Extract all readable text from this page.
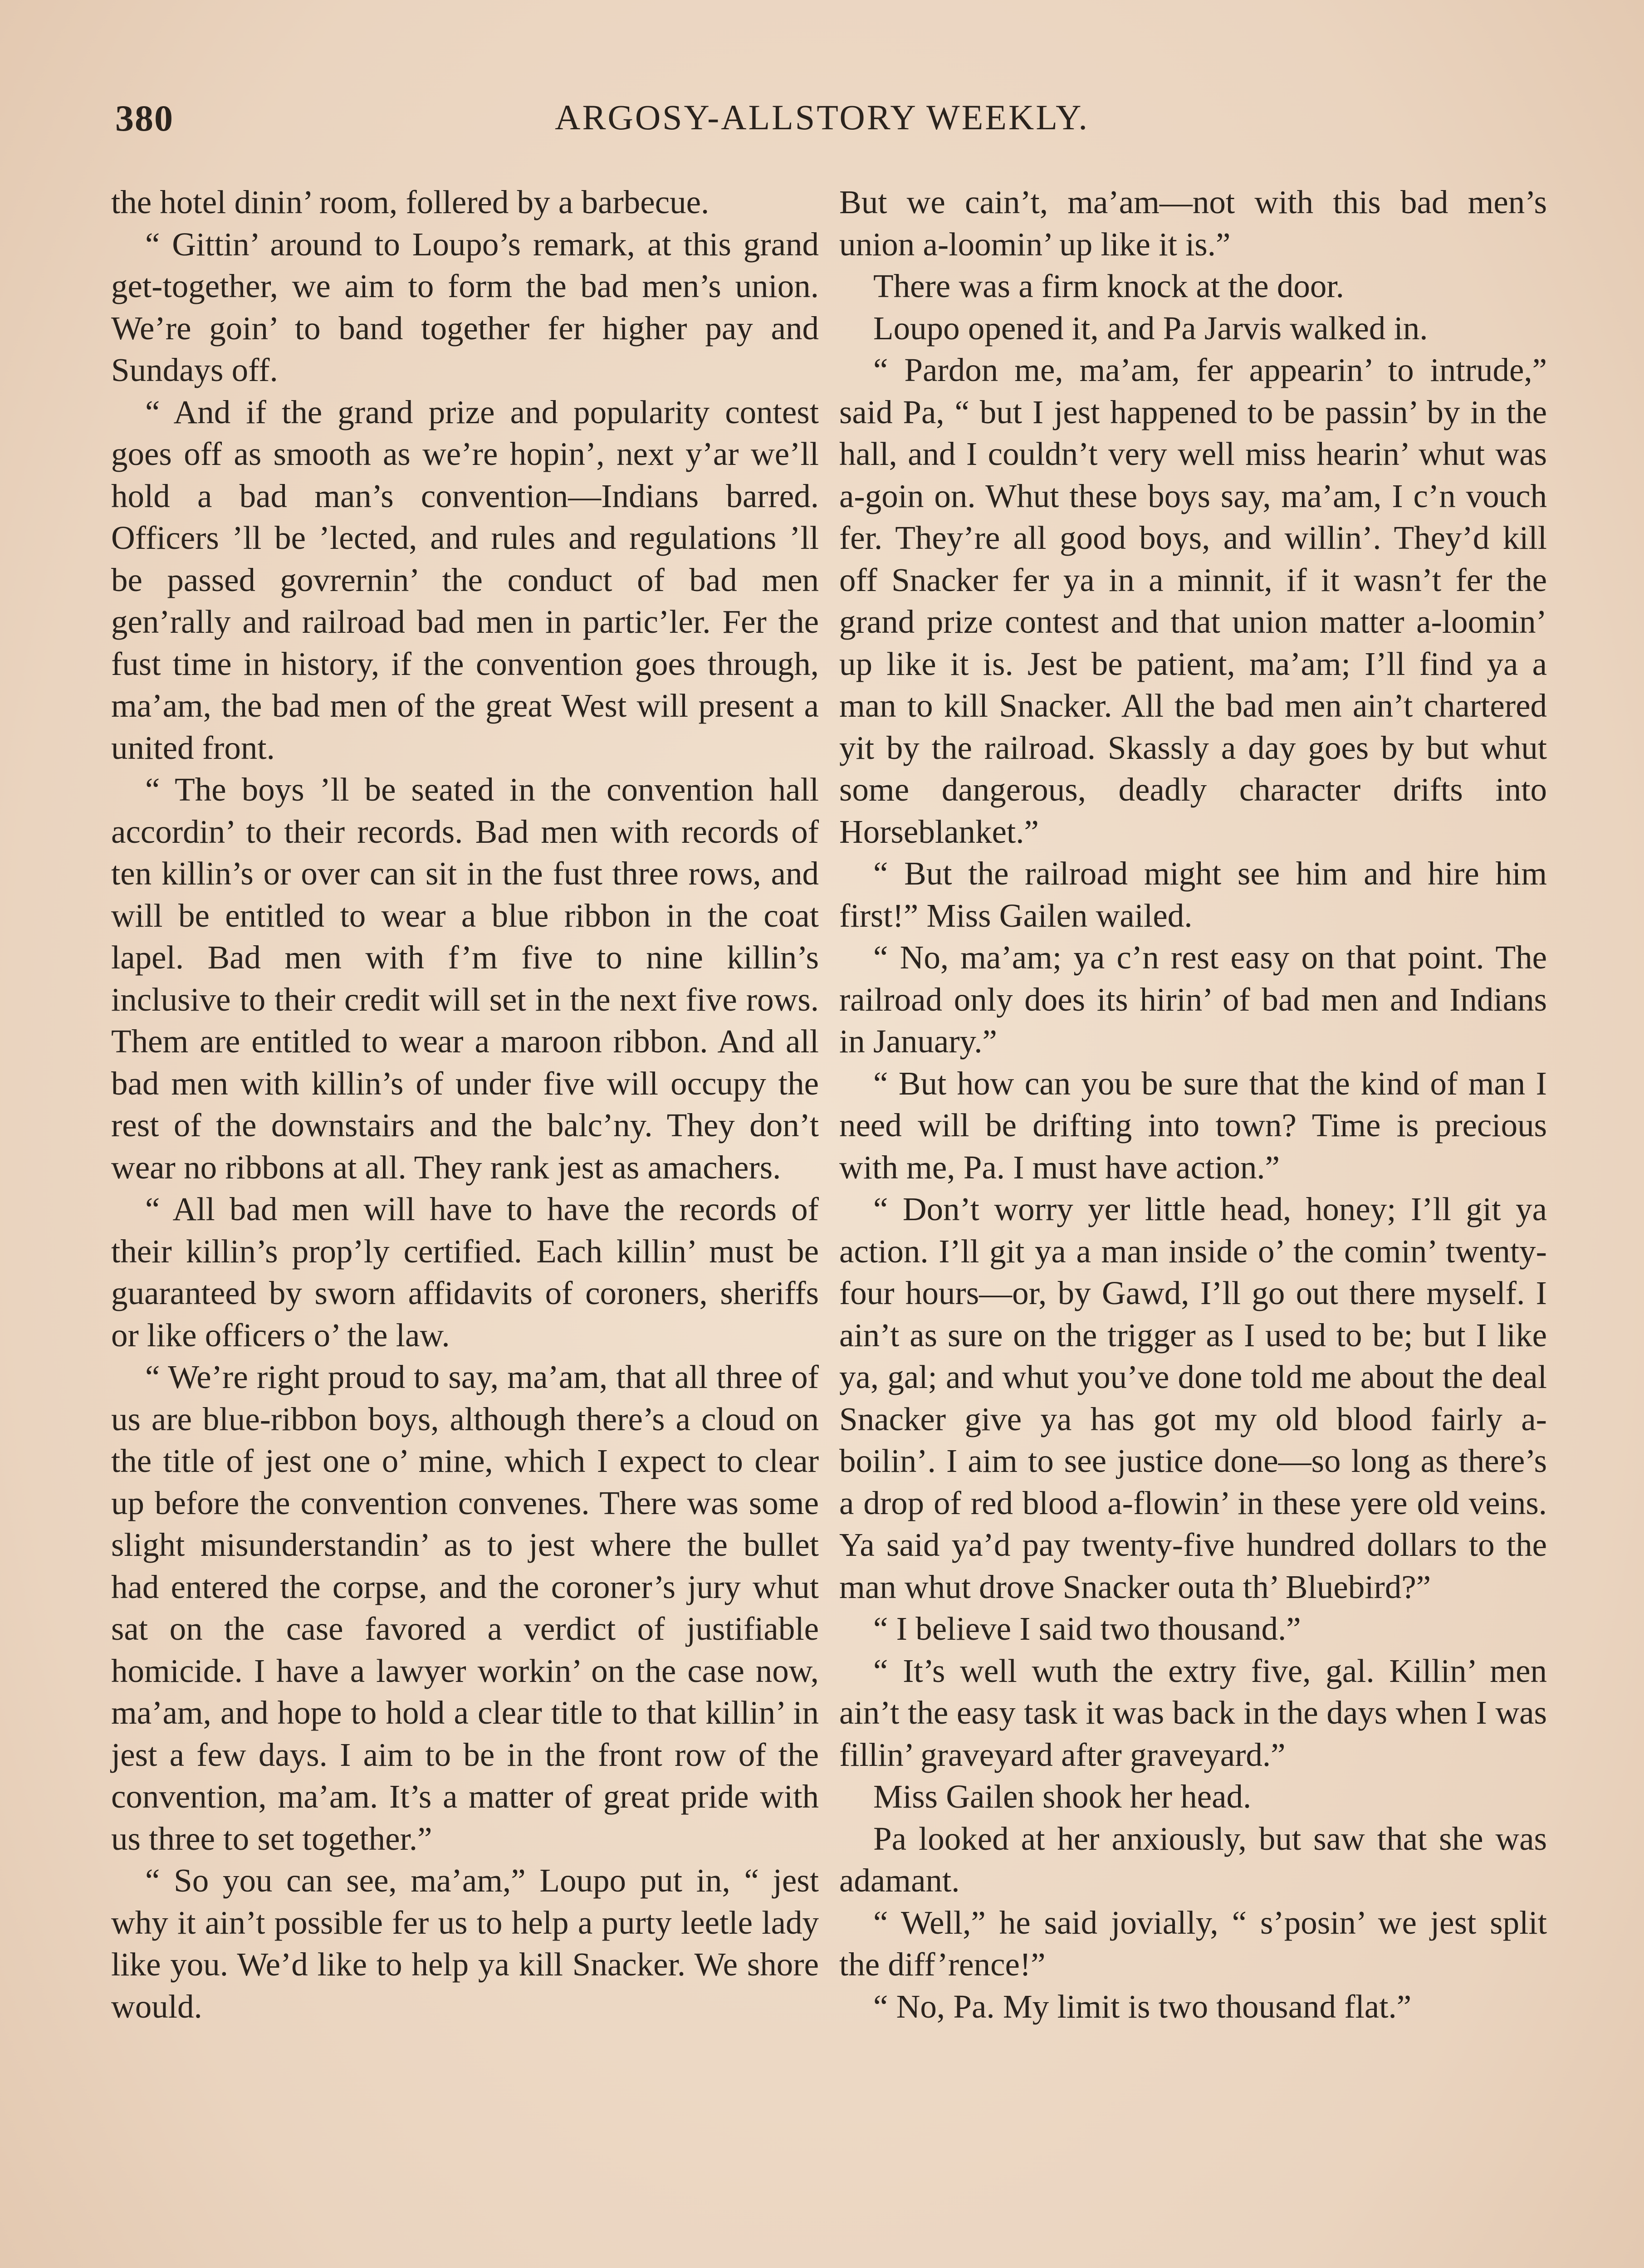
380	ARGOSY-ALLSTORY WEEKLY.

the hotel dinin’ room, follered by a barbecue.

“ Gittin’ around to Loupo’s remark, at this grand get-together, we aim to form the bad men’s union. We’re goin’ to band together fer higher pay and Sundays off.

“ And if the grand prize and popularity contest goes off as smooth as we’re hopin’, next y’ar we’ll hold a bad man’s convention—Indians barred. Officers ’ll be ’lected, and rules and regulations ’ll be passed govrernin’ the conduct of bad men gen’rally and railroad bad men in partic’ler. Fer the fust time in history, if the convention goes through, ma’am, the bad men of the great West will present a united front.

“ The boys ’ll be seated in the convention hall accordin’ to their records. Bad men with records of ten killin’s or over can sit in the fust three rows, and will be entitled to wear a blue ribbon in the coat lapel. Bad men with f’m five to nine killin’s inclusive to their credit will set in the next five rows. Them are entitled to wear a maroon ribbon. And all bad men with killin’s of under five will occupy the rest of the downstairs and the balc’ny. They don’t wear no ribbons at all. They rank jest as amachers.

“ All bad men will have to have the records of their killin’s prop’ly certified. Each killin’ must be guaranteed by sworn affidavits of coroners, sheriffs or like officers o’ the law.

“ We’re right proud to say, ma’am, that all three of us are blue-ribbon boys, although there’s a cloud on the title of jest one o’ mine, which I expect to clear up before the convention convenes. There was some slight misunderstandin’ as to jest where the bullet had entered the corpse, and the coroner’s jury whut sat on the case favored a verdict of justifiable homicide. I have a lawyer workin’ on the case now, ma’am, and hope to hold a clear title to that killin’ in jest a few days. I aim to be in the front row of the convention, ma’am. It’s a matter of great pride with us three to set together.”

“ So you can see, ma’am,” Loupo put in, “ jest why it ain’t possible fer us to help a purty leetle lady like you. We’d like to help ya kill Snacker. We shore would.

But we cain’t, ma’am—not with this bad men’s union a-loomin’ up like it is.”

There was a firm knock at the door.

Loupo opened it, and Pa Jarvis walked in.

“ Pardon me, ma’am, fer appearin’ to intrude,” said Pa, “ but I jest happened to be passin’ by in the hall, and I couldn’t very well miss hearin’ whut was a-goin on. Whut these boys say, ma’am, I c’n vouch fer. They’re all good boys, and willin’. They’d kill off Snacker fer ya in a minnit, if it wasn’t fer the grand prize contest and that union matter a-loomin’ up like it is. Jest be patient, ma’am; I’ll find ya a man to kill Snacker. All the bad men ain’t chartered yit by the railroad. Skassly a day goes by but whut some dangerous, deadly character drifts into Horseblanket.”

“ But the railroad might see him and hire him first!” Miss Gailen wailed.

“ No, ma’am; ya c’n rest easy on that point. The railroad only does its hirin’ of bad men and Indians in January.”

“ But how can you be sure that the kind of man I need will be drifting into town? Time is precious with me, Pa. I must have action.”

“ Don’t worry yer little head, honey; I’ll git ya action. I’ll git ya a man inside o’ the comin’ twenty-four hours—or, by Gawd, I’ll go out there myself. I ain’t as sure on the trigger as I used to be; but I like ya, gal; and whut you’ve done told me about the deal Snacker give ya has got my old blood fairly a-boilin’. I aim to see justice done—so long as there’s a drop of red blood a-flowin’ in these yere old veins. Ya said ya’d pay twenty-five hundred dollars to the man whut drove Snacker outa th’ Bluebird?”

“ I believe I said two thousand.”

“ It’s well wuth the extry five, gal. Killin’ men ain’t the easy task it was back in the days when I was fillin’ graveyard after graveyard.”

Miss Gailen shook her head.

Pa looked at her anxiously, but saw that she was adamant.

“ Well,” he said jovially, “ s’posin’ we jest split the diff’rence!”

“ No, Pa. My limit is two thousand flat.”
